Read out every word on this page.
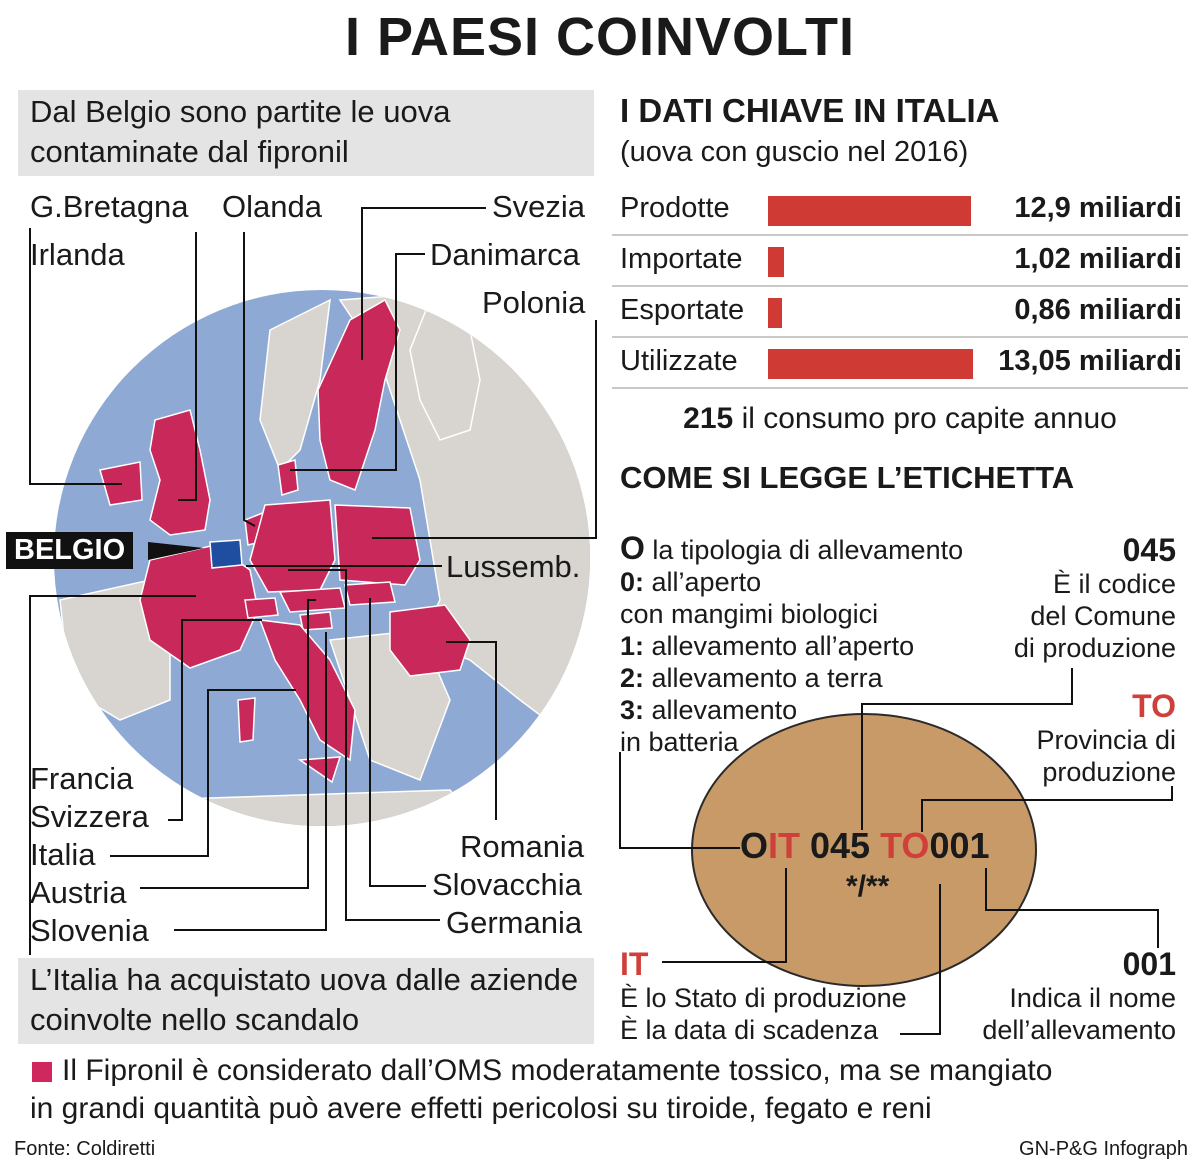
I PAESI COINVOLTI
Dal Belgio sono partite le uova contaminate dal fipronil
G.Bretagna
Irlanda
Olanda	Svezia
Danimarca
Polonia
Lussemb.
BELGIO
Francia
Svizzera
Italia
Austria
Slovenia
Romania
Slovacchia
Germania
L’Italia ha acquistato uova dalle aziende coinvolte nello scandalo
I DATI CHIAVE IN ITALIA
(uova con guscio nel 2016)
Prodotte	12,9 miliardi
Importate	1,02 miliardi
Esportate	0,86 miliardi
Utilizzate	13,05 miliardi
215 il consumo pro capite annuo
COME SI LEGGE L’ETICHETTA
O la tipologia di allevamento
0: all’aperto
con mangimi biologici
1: allevamento all’aperto
2: allevamento a terra
3: allevamento
in batteria
045
È il codice
del Comune
di produzione
TO
Provincia di
produzione
OIT 045 TO001
*/**
IT
È lo Stato di produzione
È la data di scadenza
001
Indica il nome
dell’allevamento
Il Fipronil è considerato dall’OMS moderatamente tossico, ma se mangiato
in grandi quantità può avere effetti pericolosi su tiroide, fegato e reni
Fonte: Coldiretti	GN-P&G Infograph
